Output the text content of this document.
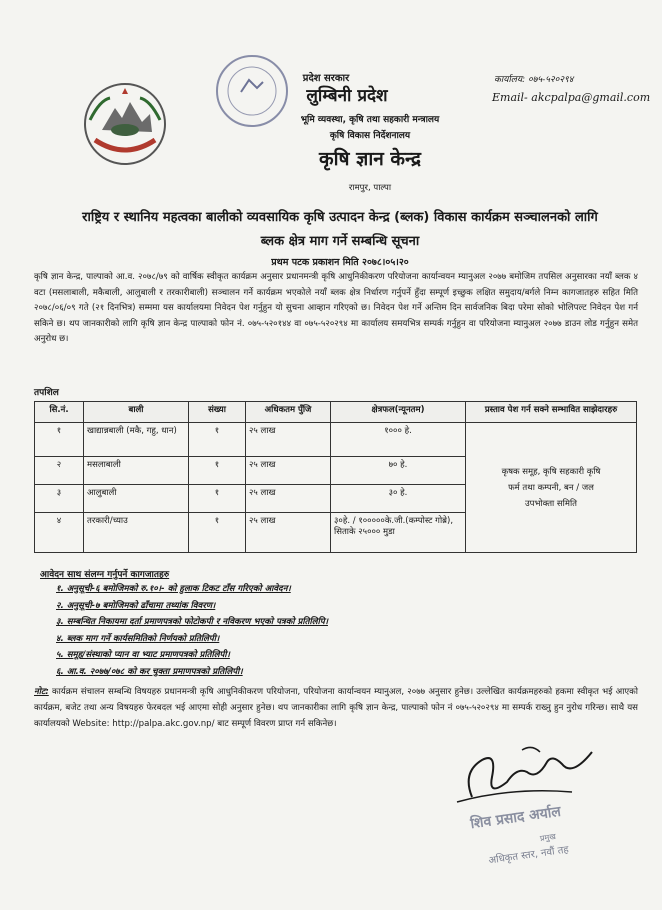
प्रदेश सरकार
लुम्बिनी प्रदेश
भूमि व्यवस्था, कृषि तथा सहकारी मन्त्रालय
कृषि विकास निर्देशनालय
कृषि ज्ञान केन्द्र
रामपुर, पाल्पा
कार्यालय: ०७५-५२०२९४
Email- akcpalpa@gmail.com
राष्ट्रिय र स्थानिय महत्वका बालीको व्यवसायिक कृषि उत्पादन केन्द्र (ब्लक) विकास कार्यक्रम सञ्चालनको लागि
ब्लक क्षेत्र माग गर्ने सम्बन्धि सूचना
प्रथम पटक प्रकाशन मिति २०७८।०५।२०
कृषि ज्ञान केन्द्र, पाल्पाको आ.व. २०७८/७९ को वार्षिक स्वीकृत कार्यक्रम अनुसार प्रधानमन्त्री कृषि आधुनिकीकरण परियोजना कार्यान्वयन म्यानुअल २०७७ बमोजिम तपसिल अनुसारका नयाँ ब्लक ४ वटा (मसलाबाली, मकैबाली, आलुबाली र तरकारीबाली) सञ्चालन गर्ने कार्यक्रम भएकोले नयाँ ब्लक क्षेत्र निर्धारण गर्नुपर्ने हुँदा सम्पूर्ण इच्छुक लक्षित समुदाय/बर्गले निम्न कागजातहरु सहित मिति २०७८/०६/०९ गते (२१ दिनभित्र) सम्ममा यस कार्यालयमा निवेदन पेश गर्नुहुन यो सुचना आव्हान गरिएको छ। निवेदन पेश गर्ने अन्तिम दिन सार्वजनिक बिदा परेमा सोको भोलिपल्ट निवेदन पेश गर्न सकिने छ। थप जानकारीको लागि कृषि ज्ञान केन्द्र पाल्पाको फोन नं. ०७५-५२०१४४ वा ०७५-५२०२९४ मा कार्यालय समयभित्र सम्पर्क गर्नुहुन वा परियोजना म्यानुअल २०७७ डाउन लोड गर्नुहुन समेत अनुरोध छ।
तपशिल
सि.नं.	बाली	संख्या	अधिकतम पुँजि	क्षेत्रफल(न्यूनतम)	प्रस्ताव पेश गर्न सक्ने सम्भावित साझेदारहरु
१	खाद्यान्नबाली (मकै, गहु, धान)	१	२५ लाख	१००० हे.	कृषक समूह, कृषि सहकारी कृषि फर्म तथा कम्पनी, बन / जल उपभोक्ता समिति
२	मसलाबाली	१	२५ लाख	७० हे.	
३	आलुबाली	१	२५ लाख	३० हे.	
४	तरकारी/च्याउ	१	२५ लाख	३०हे. / १०००००के.जी.(कम्पोस्ट गोब्रे), सिताके २५००० मुडा	
आवेदन साथ संलग्न गर्नुपर्ने कागजातहरु
१. अनुसूची-६ बमोजिमको रु.१०।- को हुलाक टिकट टाँस गरिएको आवेदन।
२. अनुसूची-७ बमोजिमको ढाँचामा तथ्यांक विवरण।
३. सम्बन्धित निकायमा दर्ता प्रमाणपत्रको फोटोकपी र नविकरण भएको पत्रको प्रतिलिपि।
४. ब्लक माग गर्ने कार्यसमितिको निर्णयको प्रतिलिपी।
५. समूह/संस्थाको प्यान वा भ्याट प्रमाणपत्रको प्रतिलिपी।
६. आ.व. २०७७/०७८ को कर चुक्ता प्रमाणपत्रको प्रतिलिपी।
नोट: कार्यक्रम संचालन सम्बन्धि विषयहरु प्रधानमन्त्री कृषि आधुनिकीकरण परियोजना, परियोजना कार्यान्वयन म्यानुअल, २०७७ अनुसार हुनेछ। उल्लेखित कार्यक्रमहरुको हकमा स्वीकृत भई आएको कार्यक्रम, बजेट तथा अन्य विषयहरु फेरबदल भई आएमा सोही अनुसार हुनेछ। थप जानकारीका लागि कृषि ज्ञान केन्द्र, पाल्पाको फोन नं ०७५-५२०२९४ मा सम्पर्क राख्नु हुन नुरोध गरिन्छ। साथै यस कार्यालयको Website: http://palpa.akc.gov.np/ बाट सम्पूर्ण विवरण प्राप्त गर्न सकिनेछ।
शिव प्रसाद अर्याल
प्रमुख
अधिकृत स्तर, नवौं तह
